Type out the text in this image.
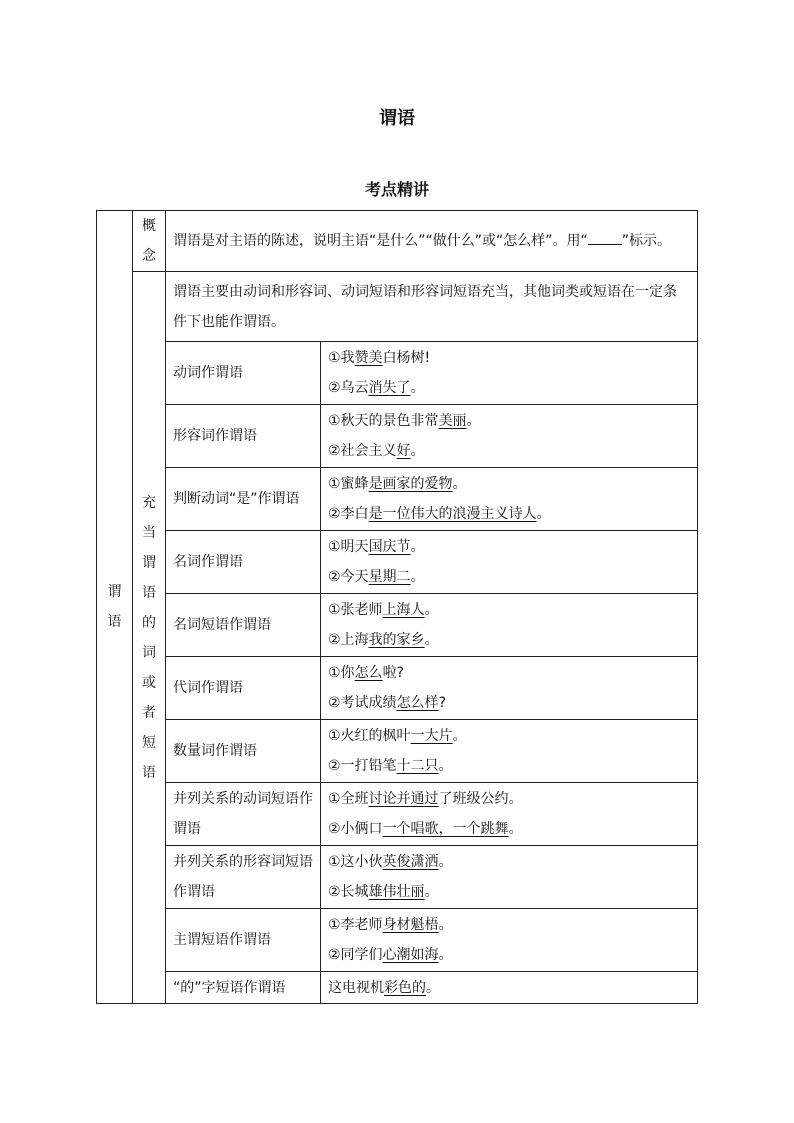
谓语
考点精讲
谓语	概念	谓语是对主语的陈述，说明主语“是什么”“做什么”或“怎么样”。用“ ”标示。	
	充当谓语的词或者短语	谓语主要由动词和形容词、动词短语和形容词短语充当，其他词类或短语在一定条件下也能作谓语。	
		动词作谓语	①我赞美白杨树!
②乌云消失了。

		形容词作谓语	①秋天的景色非常美丽。
②社会主义好。

		判断动词“是”作谓语	①蜜蜂是画家的爱物。
②李白是一位伟大的浪漫主义诗人。

		名词作谓语	①明天国庆节。
②今天星期二。

		名词短语作谓语	①张老师上海人。
②上海我的家乡。

		代词作谓语	①你怎么啦?
②考试成绩怎么样?

		数量词作谓语	①火红的枫叶一大片。
②一打铅笔十二只。

		并列关系的动词短语作谓语	①全班讨论并通过了班级公约。
②小俩口一个唱歌，一个跳舞。

		并列关系的形容词短语作谓语	①这小伙英俊潇洒。
②长城雄伟壮丽。

		主谓短语作谓语	①李老师身材魁梧。
②同学们心潮如海。

		“的”字短语作谓语	这电视机彩色的。
